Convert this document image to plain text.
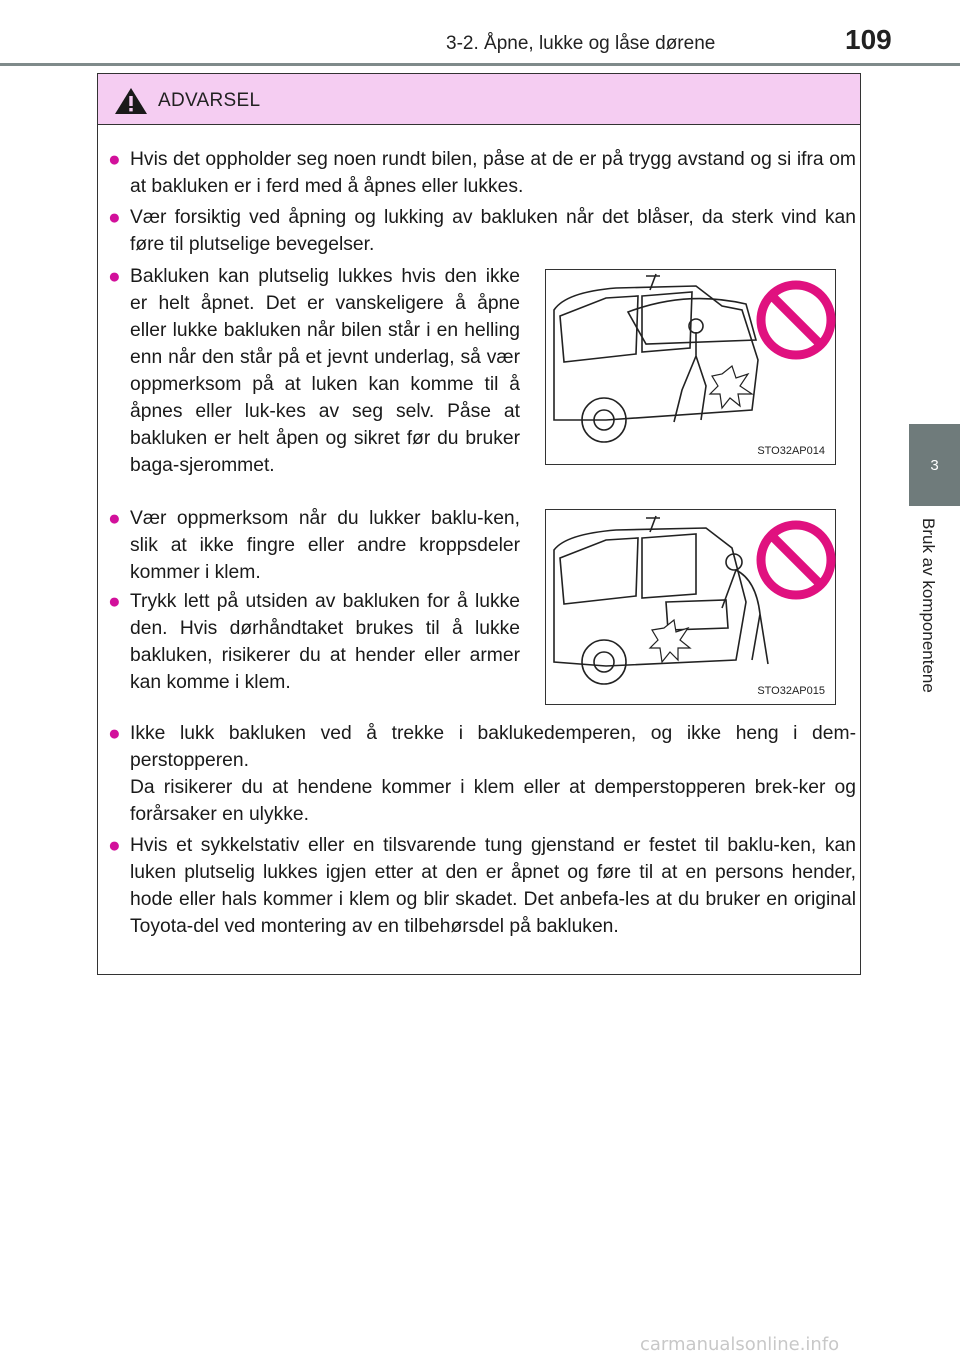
3-2. Åpne, lukke og låse dørene	109
3
Bruk av komponentene
ADVARSEL
● Hvis det oppholder seg noen rundt bilen, påse at de er på trygg avstand og si ifra om at bakluken er i ferd med å åpnes eller lukkes.
● Vær forsiktig ved åpning og lukking av bakluken når det blåser, da sterk vind kan føre til plutselige bevegelser.
● Bakluken kan plutselig lukkes hvis den ikke er helt åpnet. Det er vanskeligere å åpne eller lukke bakluken når bilen står i en helling enn når den står på et jevnt underlag, så vær oppmerksom på at luken kan komme til å åpnes eller luk-kes av seg selv. Påse at bakluken er helt åpen og sikret før du bruker baga-sjerommet.
STO32AP014
● Vær oppmerksom når du lukker baklu-ken, slik at ikke fingre eller andre kroppsdeler kommer i klem.
● Trykk lett på utsiden av bakluken for å lukke den. Hvis dørhåndtaket brukes til å lukke bakluken, risikerer du at hender eller armer kan komme i klem.	STO32AP015
● Ikke lukk bakluken ved å trekke i baklukedemperen, og ikke heng i dem-perstopperen.
Da risikerer du at hendene kommer i klem eller at demperstopperen brek-ker og forårsaker en ulykke.
● Hvis et sykkelstativ eller en tilsvarende tung gjenstand er festet til baklu-ken, kan luken plutselig lukkes igjen etter at den er åpnet og føre til at en persons hender, hode eller hals kommer i klem og blir skadet. Det anbefa-les at du bruker en original Toyota-del ved montering av en tilbehørsdel på bakluken.
carmanualsonline.info
